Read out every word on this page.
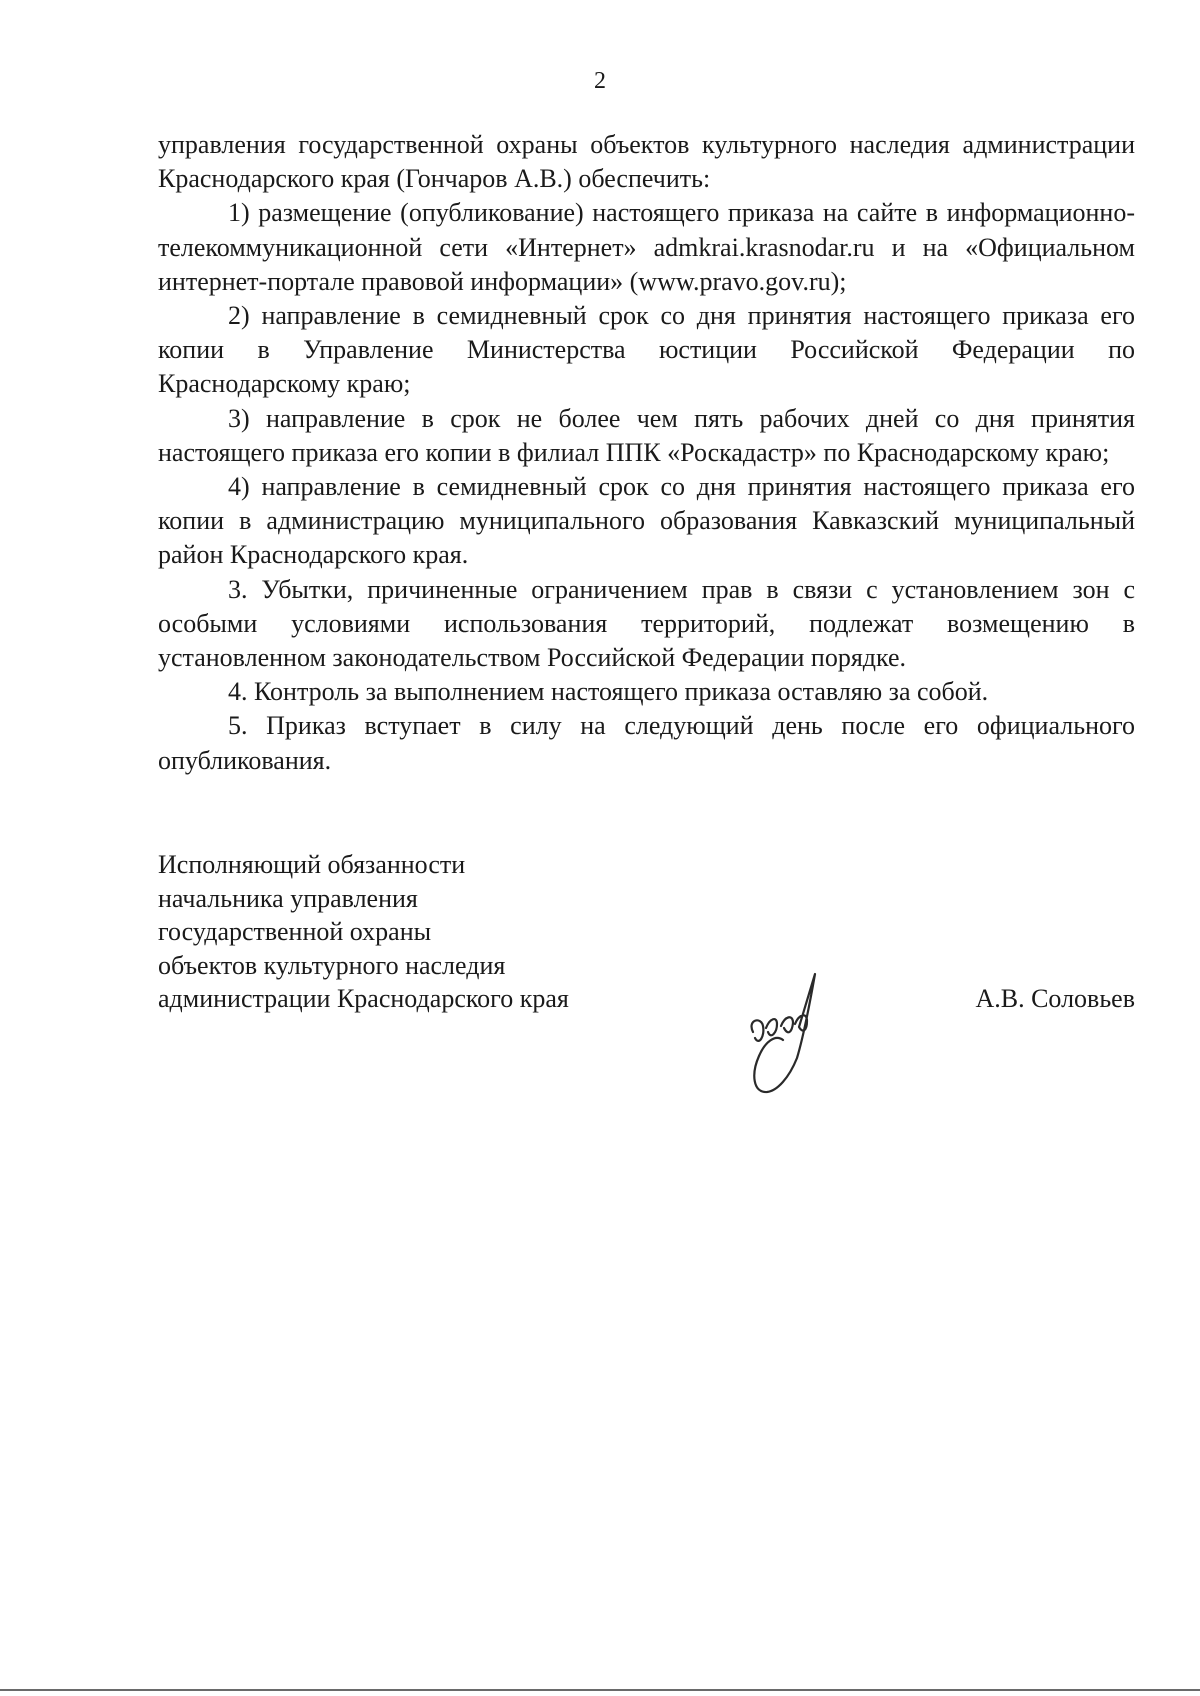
2

управления государственной охраны объектов культурного наследия администрации Краснодарского края (Гончаров А.В.) обеспечить:

1) размещение (опубликование) настоящего приказа на сайте в информационно-телекоммуникационной сети «Интернет» admkrai.krasnodar.ru и на «Официальном интернет-портале правовой информации» (www.pravo.gov.ru);

2) направление в семидневный срок со дня принятия настоящего приказа его копии в Управление Министерства юстиции Российской Федерации по Краснодарскому краю;

3) направление в срок не более чем пять рабочих дней со дня принятия настоящего приказа его копии в филиал ППК «Роскадастр» по Краснодарскому краю;

4) направление в семидневный срок со дня принятия настоящего приказа его копии в администрацию муниципального образования Кавказский муниципальный район Краснодарского края.

3. Убытки, причиненные ограничением прав в связи с установлением зон с особыми условиями использования территорий, подлежат возмещению в установленном законодательством Российской Федерации порядке.

4. Контроль за выполнением настоящего приказа оставляю за собой.

5. Приказ вступает в силу на следующий день после его официального опубликования.

Исполняющий обязанности
начальника управления
государственной охраны
объектов культурного наследия
администрации Краснодарского края	А.В. Соловьев
